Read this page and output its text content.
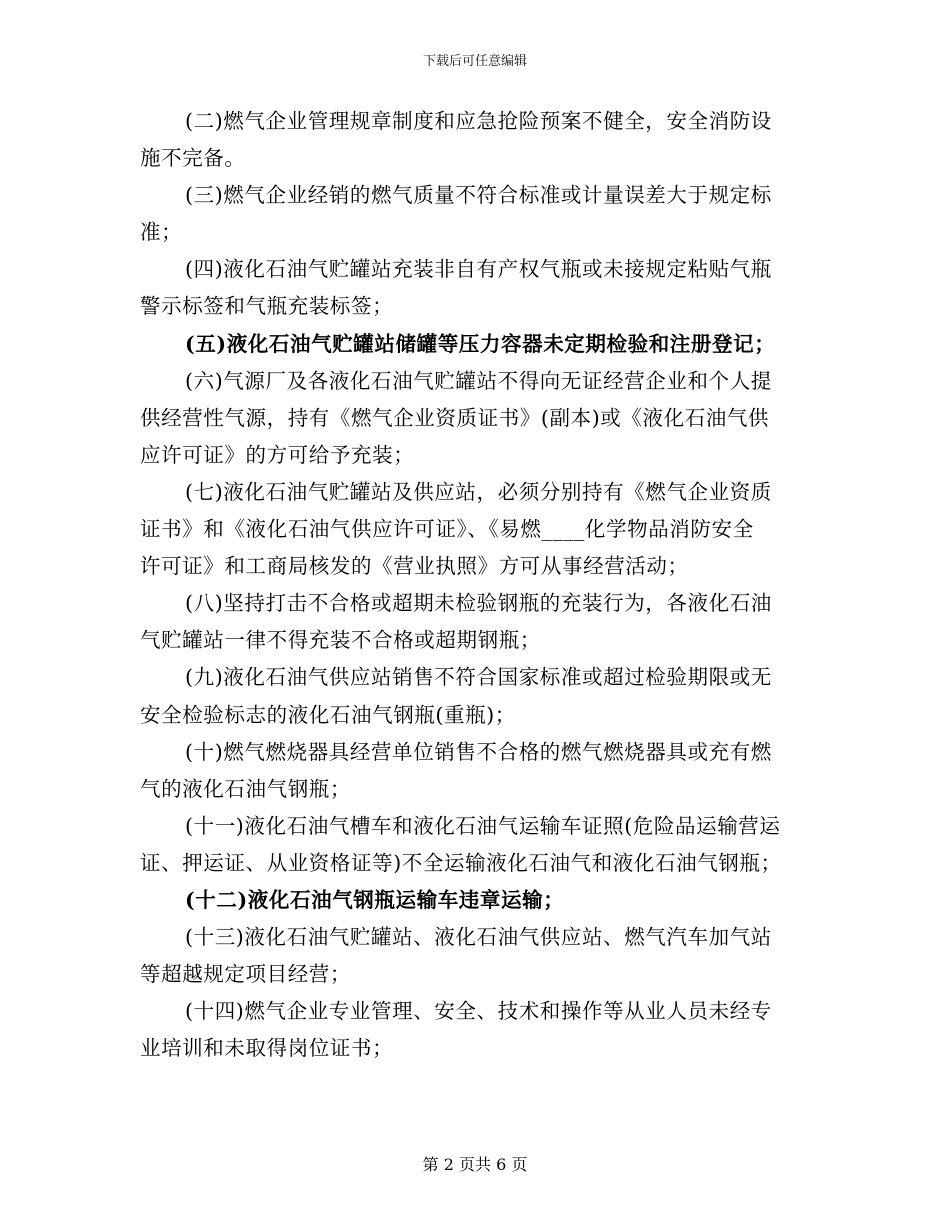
下载后可任意编辑

(二)燃气企业管理规章制度和应急抢险预案不健全，安全消防设
施不完备。

(三)燃气企业经销的燃气质量不符合标准或计量误差大于规定标
准；

(四)液化石油气贮罐站充装非自有产权气瓶或未接规定粘贴气瓶
警示标签和气瓶充装标签；

(五)液化石油气贮罐站储罐等压力容器未定期检验和注册登记；

(六)气源厂及各液化石油气贮罐站不得向无证经营企业和个人提
供经营性气源，持有《燃气企业资质证书》(副本)或《液化石油气供
应许可证》的方可给予充装；

(七)液化石油气贮罐站及供应站，必须分别持有《燃气企业资质
证书》和《液化石油气供应许可证》、《易燃____化学物品消防安全
许可证》和工商局核发的《营业执照》方可从事经营活动；

(八)坚持打击不合格或超期未检验钢瓶的充装行为，各液化石油
气贮罐站一律不得充装不合格或超期钢瓶；

(九)液化石油气供应站销售不符合国家标准或超过检验期限或无
安全检验标志的液化石油气钢瓶(重瓶)；

(十)燃气燃烧器具经营单位销售不合格的燃气燃烧器具或充有燃
气的液化石油气钢瓶；

(十一)液化石油气槽车和液化石油气运输车证照(危险品运输营运
证、押运证、从业资格证等)不全运输液化石油气和液化石油气钢瓶；

(十二)液化石油气钢瓶运输车违章运输；

(十三)液化石油气贮罐站、液化石油气供应站、燃气汽车加气站
等超越规定项目经营；

(十四)燃气企业专业管理、安全、技术和操作等从业人员未经专
业培训和未取得岗位证书；

第 2 页共 6 页
